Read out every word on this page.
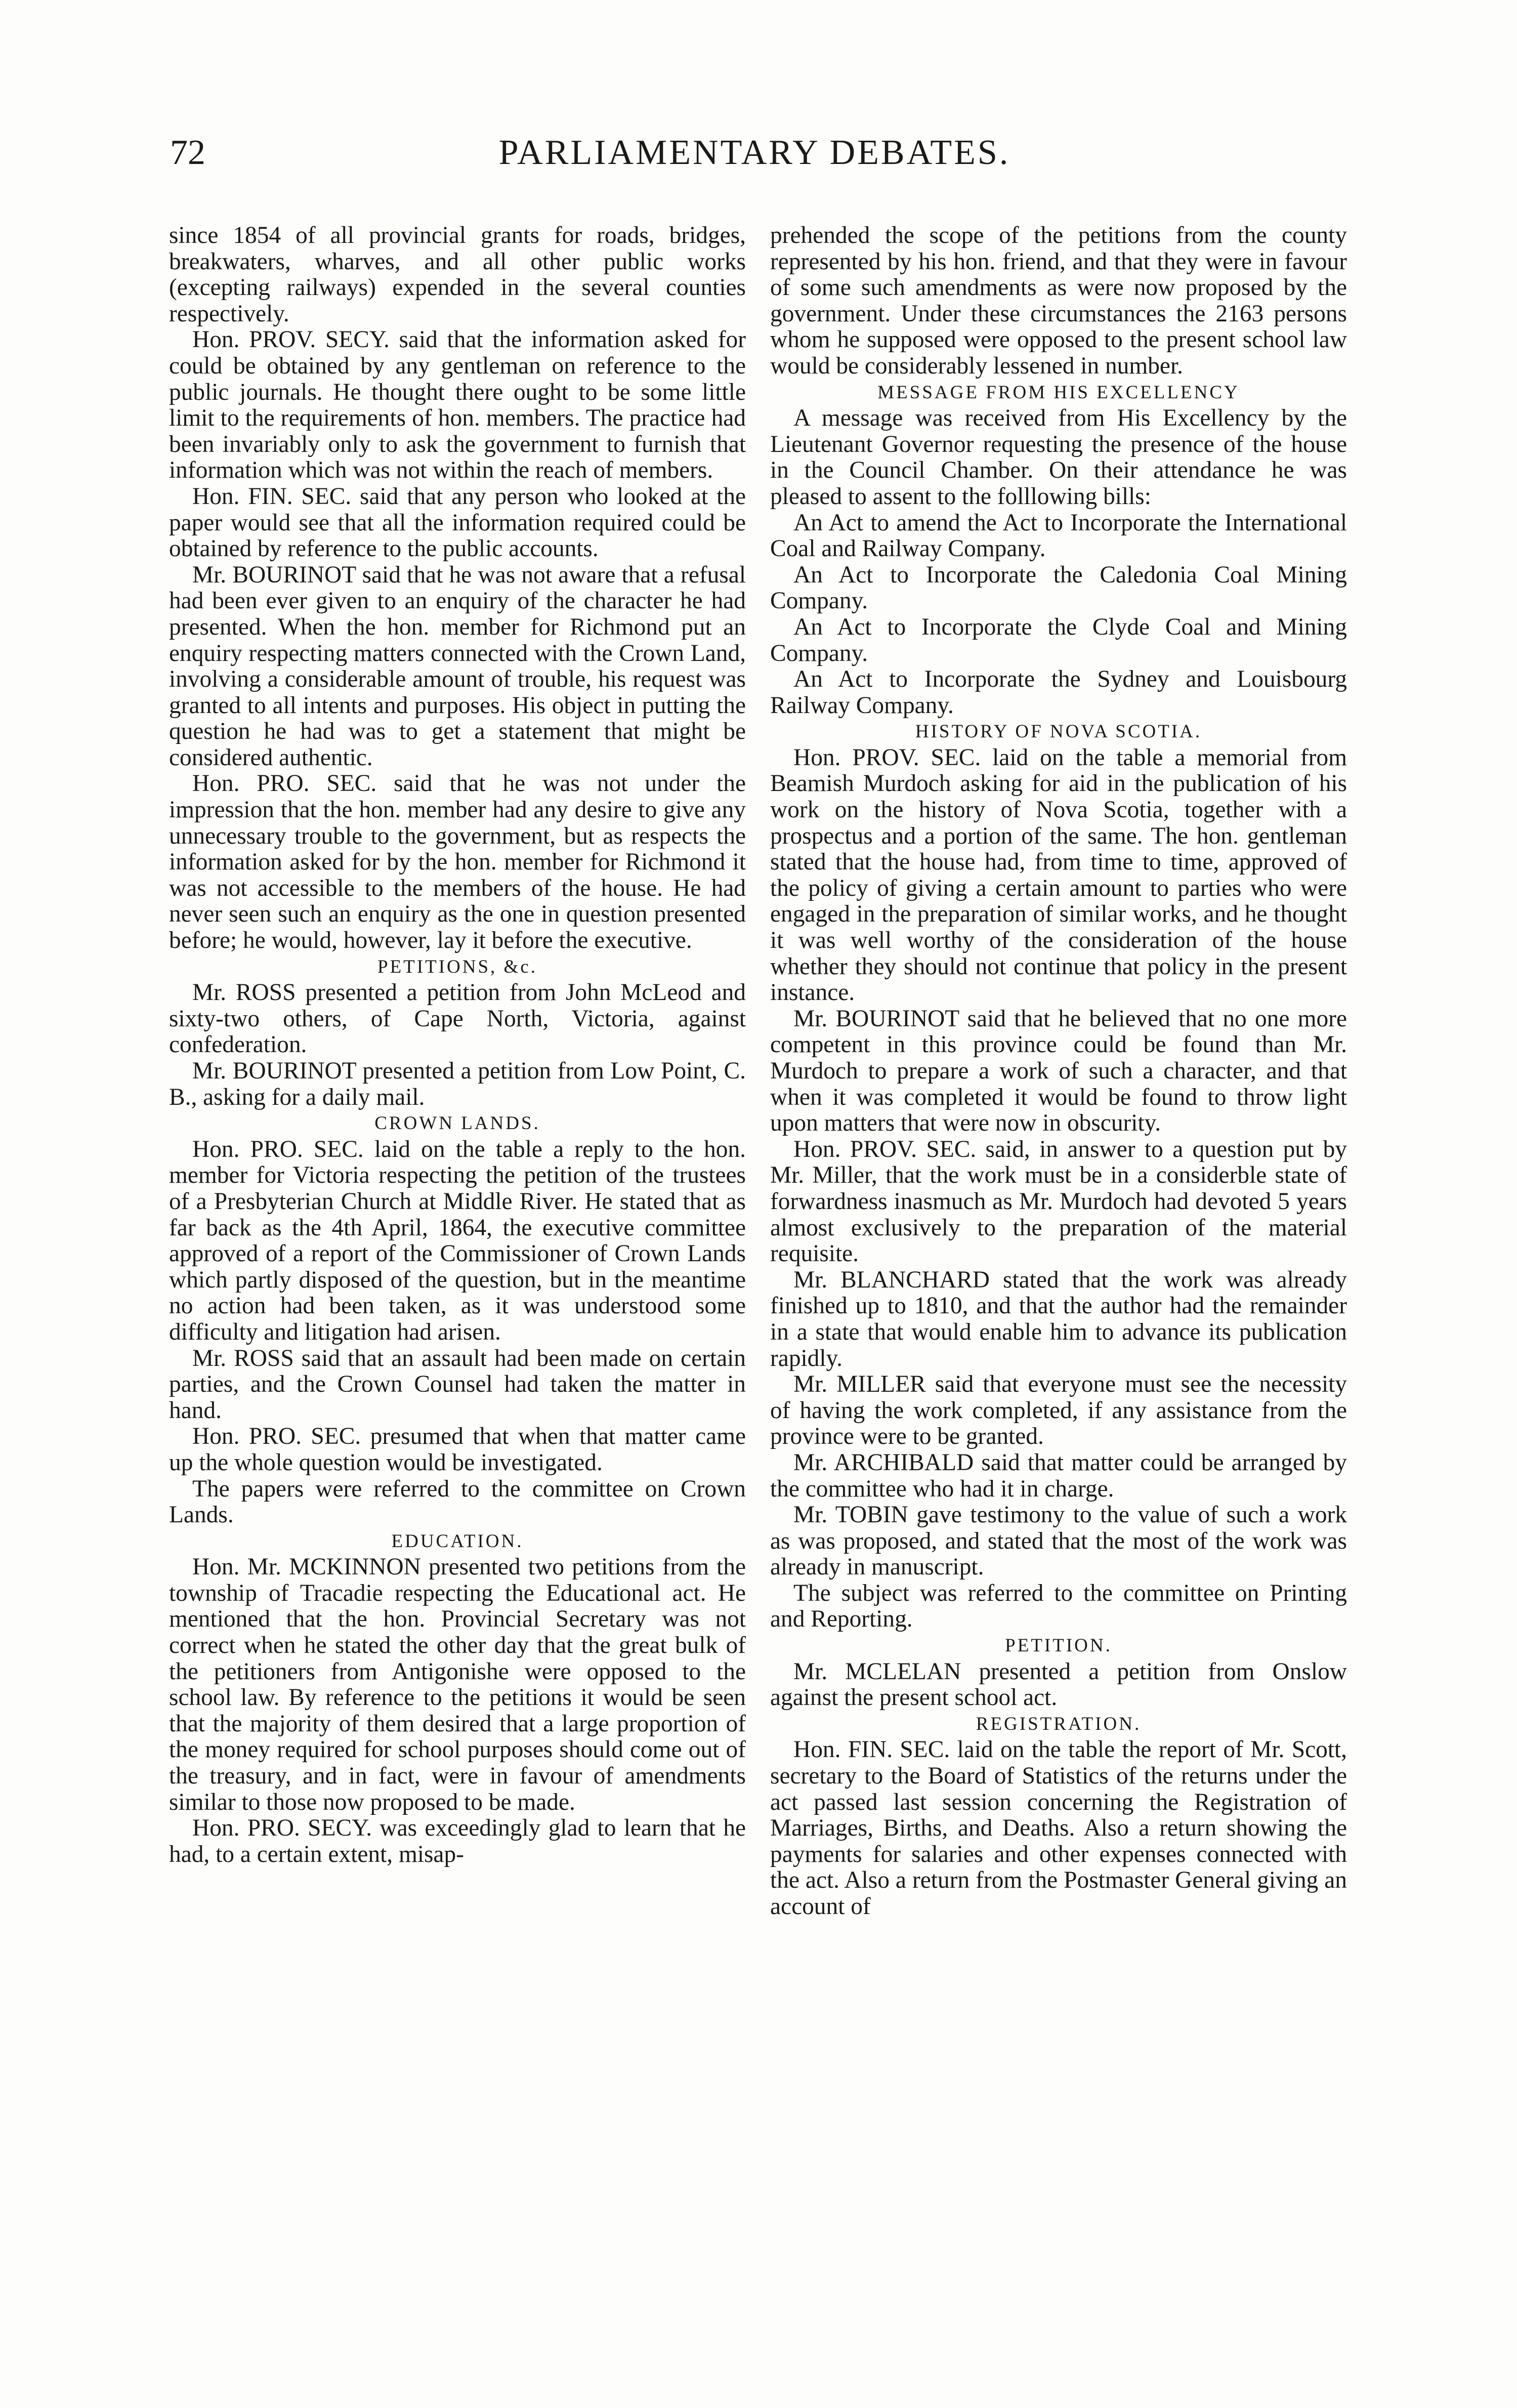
72	PARLIAMENTARY DEBATES.

since 1854 of all provincial grants for roads, bridges, breakwaters, wharves, and all other public works (excepting railways) expended in the several counties respectively.

Hon. PROV. SECY. said that the information asked for could be obtained by any gentleman on reference to the public journals. He thought there ought to be some little limit to the requirements of hon. members. The practice had been invariably only to ask the government to furnish that information which was not within the reach of members.

Hon. FIN. SEC. said that any person who looked at the paper would see that all the information required could be obtained by reference to the public accounts.

Mr. BOURINOT said that he was not aware that a refusal had been ever given to an enquiry of the character he had presented. When the hon. member for Richmond put an enquiry respecting matters connected with the Crown Land, involving a considerable amount of trouble, his request was granted to all intents and purposes. His object in putting the question he had was to get a statement that might be considered authentic.

Hon. PRO. SEC. said that he was not under the impression that the hon. member had any desire to give any unnecessary trouble to the government, but as respects the information asked for by the hon. member for Richmond it was not accessible to the members of the house. He had never seen such an enquiry as the one in question presented before; he would, however, lay it before the executive.

PETITIONS, &c.

Mr. ROSS presented a petition from John McLeod and sixty-two others, of Cape North, Victoria, against confederation.

Mr. BOURINOT presented a petition from Low Point, C. B., asking for a daily mail.

CROWN LANDS.

Hon. PRO. SEC. laid on the table a reply to the hon. member for Victoria respecting the petition of the trustees of a Presbyterian Church at Middle River. He stated that as far back as the 4th April, 1864, the executive committee approved of a report of the Commissioner of Crown Lands which partly disposed of the question, but in the meantime no action had been taken, as it was understood some difficulty and litigation had arisen.

Mr. ROSS said that an assault had been made on certain parties, and the Crown Counsel had taken the matter in hand.

Hon. PRO. SEC. presumed that when that matter came up the whole question would be investigated.

The papers were referred to the committee on Crown Lands.

EDUCATION.

Hon. Mr. MCKINNON presented two petitions from the township of Tracadie respecting the Educational act. He mentioned that the hon. Provincial Secretary was not correct when he stated the other day that the great bulk of the petitioners from Antigonishe were opposed to the school law. By reference to the petitions it would be seen that the majority of them desired that a large proportion of the money required for school purposes should come out of the treasury, and in fact, were in favour of amendments similar to those now proposed to be made.

Hon. PRO. SECY. was exceedingly glad to learn that he had, to a certain extent, misap-

prehended the scope of the petitions from the county represented by his hon. friend, and that they were in favour of some such amendments as were now proposed by the government. Under these circumstances the 2163 persons whom he supposed were opposed to the present school law would be considerably lessened in number.

MESSAGE FROM HIS EXCELLENCY

A message was received from His Excellency by the Lieutenant Governor requesting the presence of the house in the Council Chamber. On their attendance he was pleased to assent to the folllowing bills:

An Act to amend the Act to Incorporate the International Coal and Railway Company.

An Act to Incorporate the Caledonia Coal Mining Company.

An Act to Incorporate the Clyde Coal and Mining Company.

An Act to Incorporate the Sydney and Louisbourg Railway Company.

HISTORY OF NOVA SCOTIA.

Hon. PROV. SEC. laid on the table a memorial from Beamish Murdoch asking for aid in the publication of his work on the history of Nova Scotia, together with a prospectus and a portion of the same. The hon. gentleman stated that the house had, from time to time, approved of the policy of giving a certain amount to parties who were engaged in the preparation of similar works, and he thought it was well worthy of the consideration of the house whether they should not continue that policy in the present instance.

Mr. BOURINOT said that he believed that no one more competent in this province could be found than Mr. Murdoch to prepare a work of such a character, and that when it was completed it would be found to throw light upon matters that were now in obscurity.

Hon. PROV. SEC. said, in answer to a question put by Mr. Miller, that the work must be in a considerble state of forwardness inasmuch as Mr. Murdoch had devoted 5 years almost exclusively to the preparation of the material requisite.

Mr. BLANCHARD stated that the work was already finished up to 1810, and that the author had the remainder in a state that would enable him to advance its publication rapidly.

Mr. MILLER said that everyone must see the necessity of having the work completed, if any assistance from the province were to be granted.

Mr. ARCHIBALD said that matter could be arranged by the committee who had it in charge.

Mr. TOBIN gave testimony to the value of such a work as was proposed, and stated that the most of the work was already in manuscript.

The subject was referred to the committee on Printing and Reporting.

PETITION.

Mr. MCLELAN presented a petition from Onslow against the present school act.

REGISTRATION.

Hon. FIN. SEC. laid on the table the report of Mr. Scott, secretary to the Board of Statistics of the returns under the act passed last session concerning the Registration of Marriages, Births, and Deaths. Also a return showing the payments for salaries and other expenses connected with the act. Also a return from the Postmaster General giving an account of
